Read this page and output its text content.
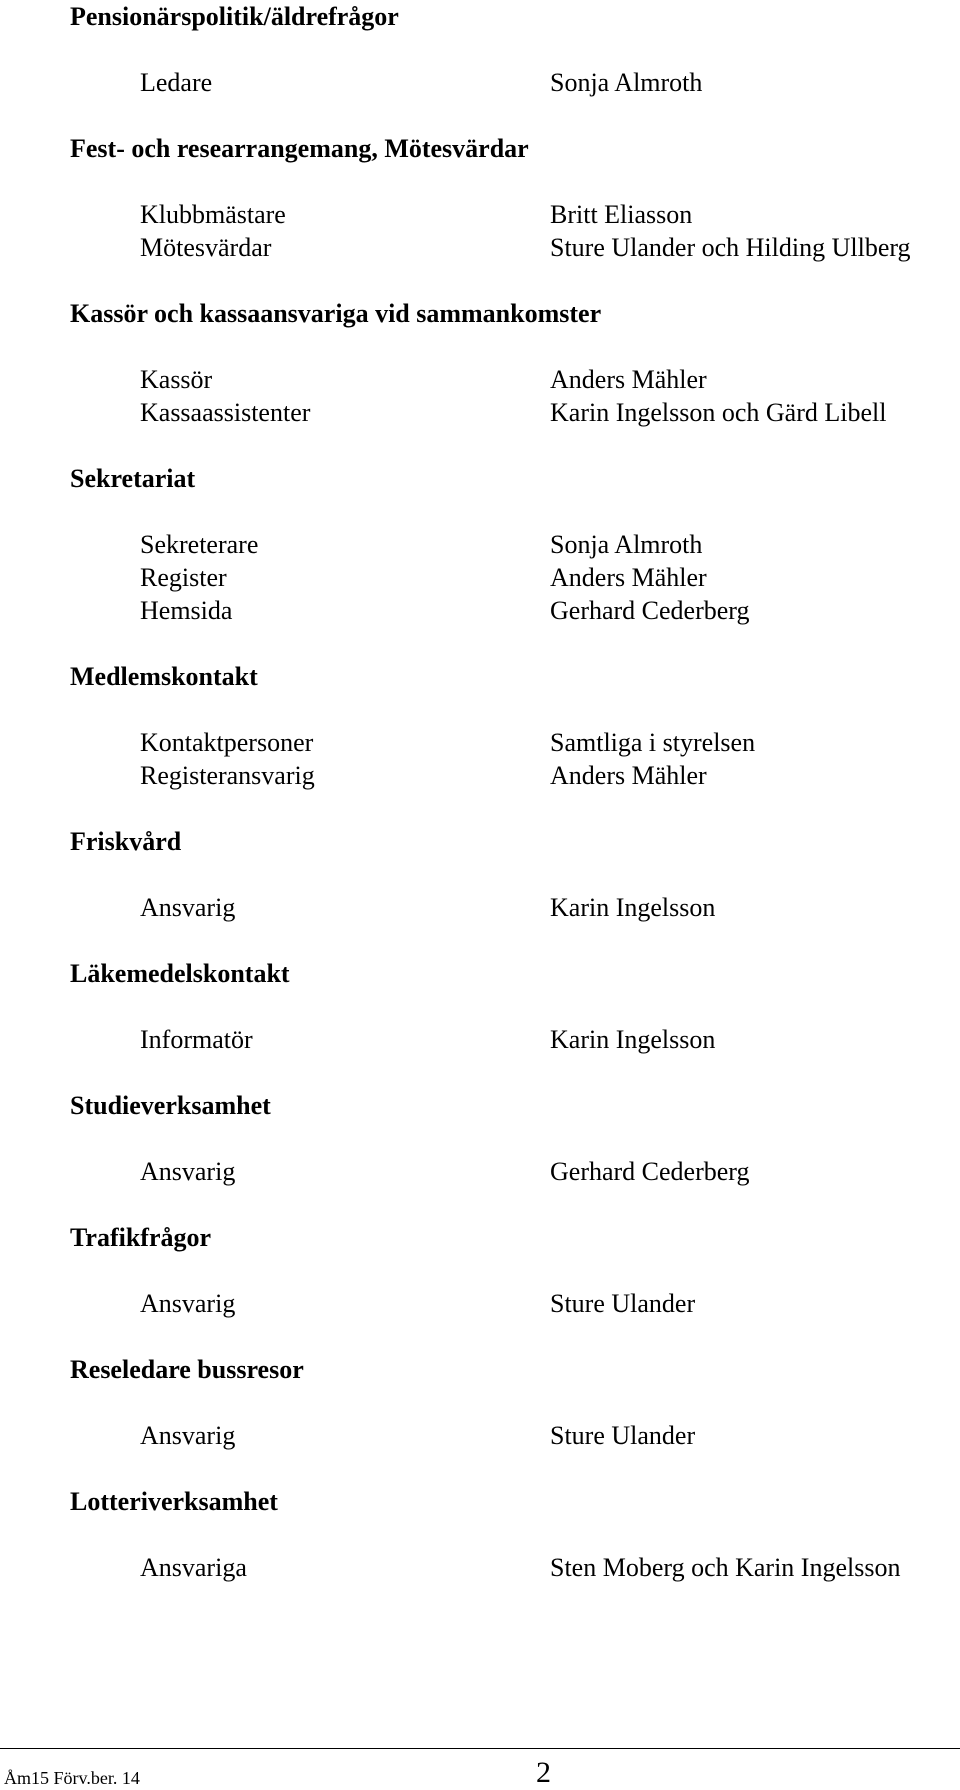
Pensionärspolitik/äldrefrågor
Ledare	Sonja Almroth
Fest- och researrangemang, Mötesvärdar
Klubbmästare	Britt Eliasson
Mötesvärdar	Sture Ulander och Hilding Ullberg
Kassör och kassaansvariga vid sammankomster
Kassör	Anders Mähler
Kassaassistenter	Karin Ingelsson och Gärd Libell
Sekretariat
Sekreterare	Sonja Almroth
Register	Anders Mähler
Hemsida	Gerhard Cederberg
Medlemskontakt
Kontaktpersoner	Samtliga i styrelsen
Registeransvarig	Anders Mähler
Friskvård
Ansvarig	Karin Ingelsson
Läkemedelskontakt
Informatör	Karin Ingelsson
Studieverksamhet
Ansvarig	Gerhard Cederberg
Trafikfrågor
Ansvarig	Sture Ulander
Reseledare bussresor
Ansvarig	Sture Ulander
Lotteriverksamhet
Ansvariga	Sten Moberg och Karin Ingelsson
Åm15 Förv.ber. 14	2
